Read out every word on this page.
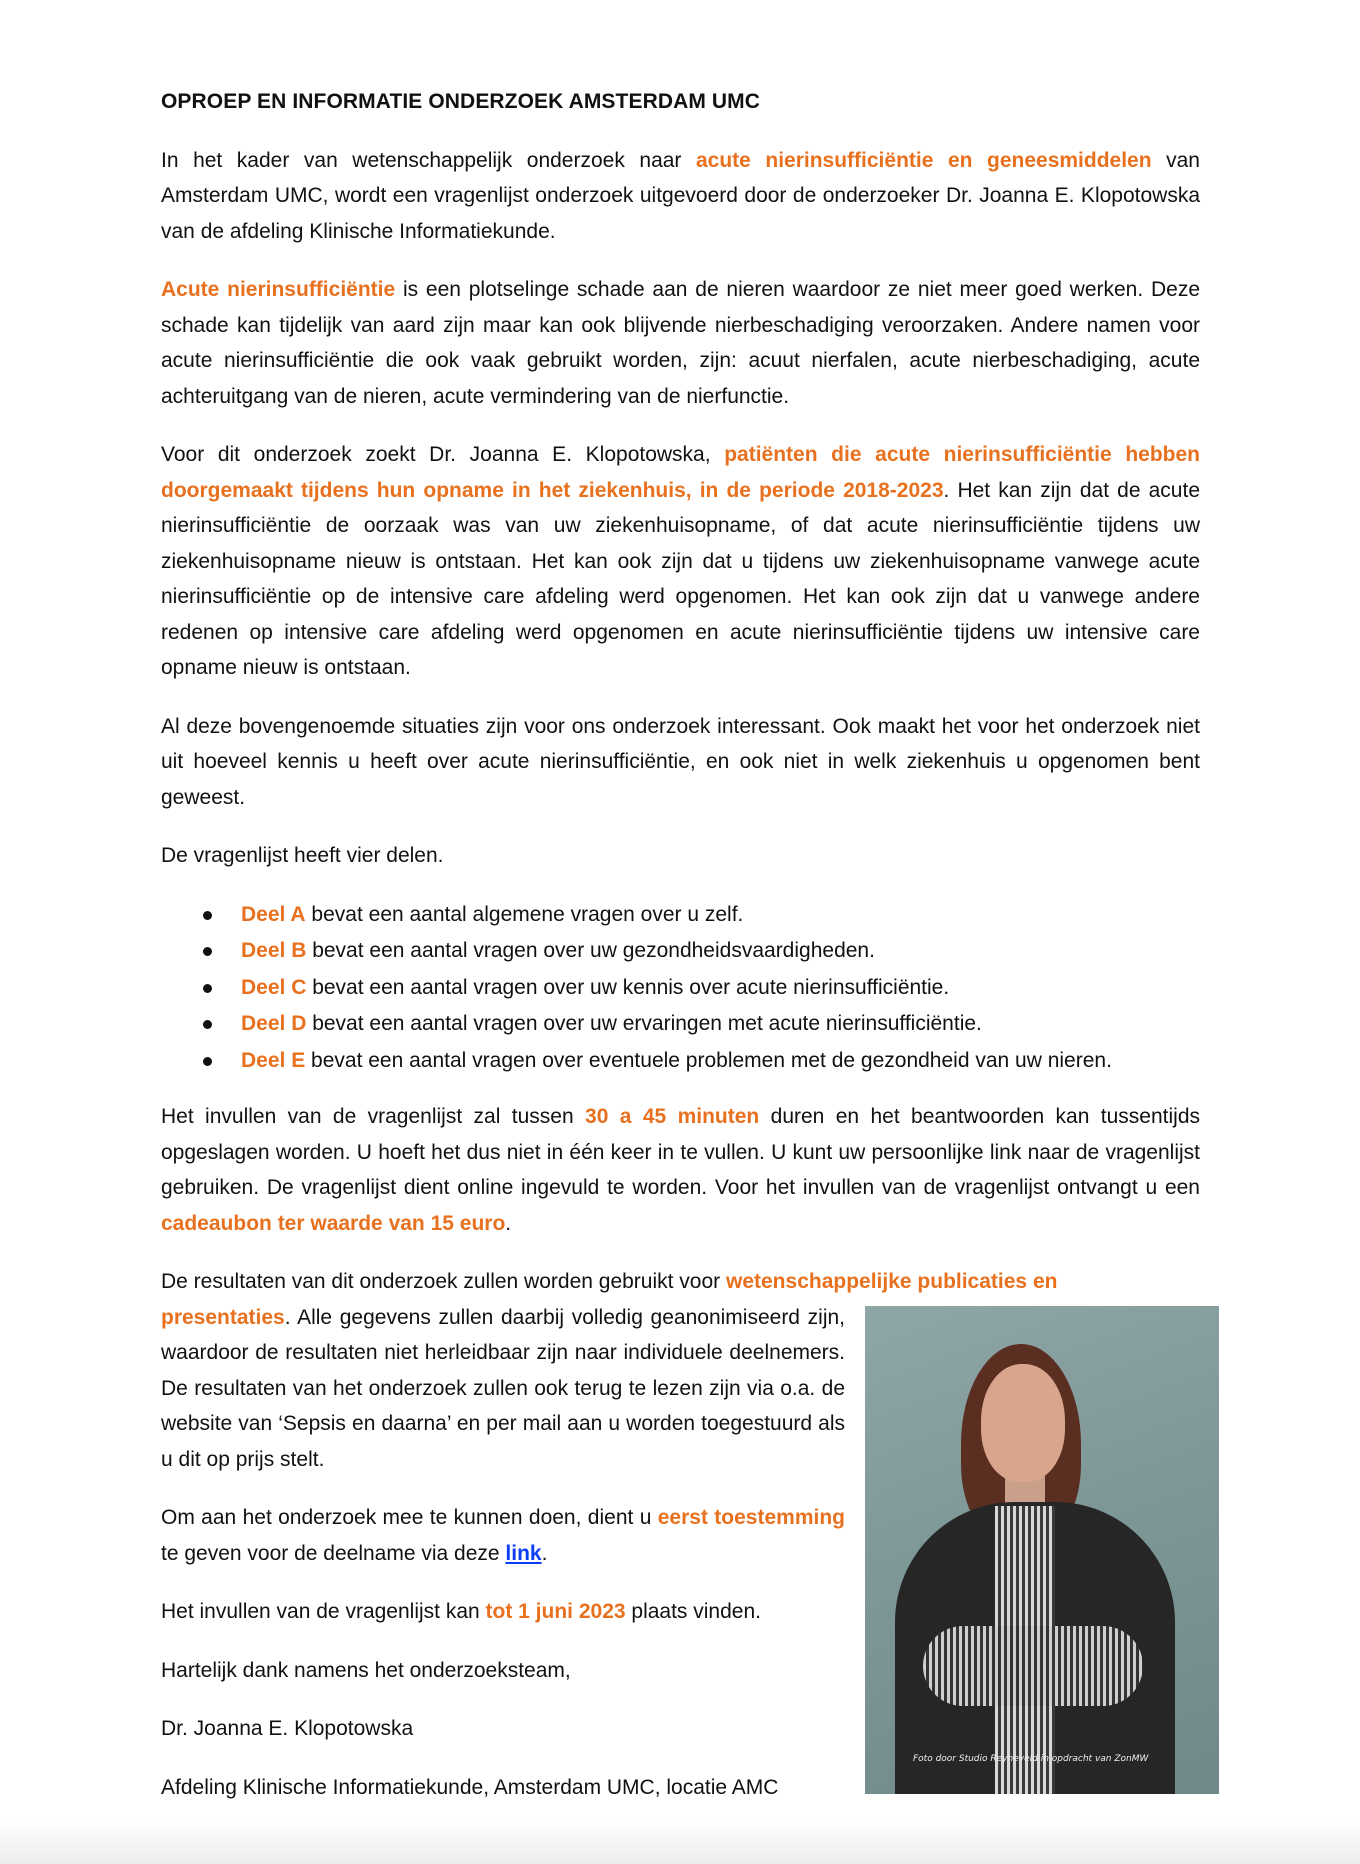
OPROEP EN INFORMATIE ONDERZOEK AMSTERDAM UMC

In het kader van wetenschappelijk onderzoek naar acute nierinsufficiëntie en geneesmiddelen van Amsterdam UMC, wordt een vragenlijst onderzoek uitgevoerd door de onderzoeker Dr. Joanna E. Klopotowska van de afdeling Klinische Informatiekunde.

Acute nierinsufficiëntie is een plotselinge schade aan de nieren waardoor ze niet meer goed werken. Deze schade kan tijdelijk van aard zijn maar kan ook blijvende nierbeschadiging veroorzaken. Andere namen voor acute nierinsufficiëntie die ook vaak gebruikt worden, zijn: acuut nierfalen, acute nierbeschadiging, acute achteruitgang van de nieren, acute vermindering van de nierfunctie.

Voor dit onderzoek zoekt Dr. Joanna E. Klopotowska, patiënten die acute nierinsufficiëntie hebben doorgemaakt tijdens hun opname in het ziekenhuis, in de periode 2018-2023. Het kan zijn dat de acute nierinsufficiëntie de oorzaak was van uw ziekenhuisopname, of dat acute nierinsufficiëntie tijdens uw ziekenhuisopname nieuw is ontstaan. Het kan ook zijn dat u tijdens uw ziekenhuisopname vanwege acute nierinsufficiëntie op de intensive care afdeling werd opgenomen. Het kan ook zijn dat u vanwege andere redenen op intensive care afdeling werd opgenomen en acute nierinsufficiëntie tijdens uw intensive care opname nieuw is ontstaan.

Al deze bovengenoemde situaties zijn voor ons onderzoek interessant. Ook maakt het voor het onderzoek niet uit hoeveel kennis u heeft over acute nierinsufficiëntie, en ook niet in welk ziekenhuis u opgenomen bent geweest.

De vragenlijst heeft vier delen.

Deel A bevat een aantal algemene vragen over u zelf.
Deel B bevat een aantal vragen over uw gezondheidsvaardigheden.
Deel C bevat een aantal vragen over uw kennis over acute nierinsufficiëntie.
Deel D bevat een aantal vragen over uw ervaringen met acute nierinsufficiëntie.
Deel E bevat een aantal vragen over eventuele problemen met de gezondheid van uw nieren.

Het invullen van de vragenlijst zal tussen 30 a 45 minuten duren en het beantwoorden kan tussentijds opgeslagen worden. U hoeft het dus niet in één keer in te vullen. U kunt uw persoonlijke link naar de vragenlijst gebruiken. De vragenlijst dient online ingevuld te worden. Voor het invullen van de vragenlijst ontvangt u een cadeaubon ter waarde van 15 euro.

De resultaten van dit onderzoek zullen worden gebruikt voor wetenschappelijke publicaties en

presentaties. Alle gegevens zullen daarbij volledig geanonimiseerd zijn, waardoor de resultaten niet herleidbaar zijn naar individuele deelnemers. De resultaten van het onderzoek zullen ook terug te lezen zijn via o.a. de website van ‘Sepsis en daarna’ en per mail aan u worden toegestuurd als u dit op prijs stelt.

Om aan het onderzoek mee te kunnen doen, dient u eerst toestemming te geven voor de deelname via deze link.

Het invullen van de vragenlijst kan tot 1 juni 2023 plaats vinden.

Hartelijk dank namens het onderzoeksteam,

Dr. Joanna E. Klopotowska

Afdeling Klinische Informatiekunde, Amsterdam UMC, locatie AMC

Foto door Studio Reyneveld in opdracht van ZonMW
